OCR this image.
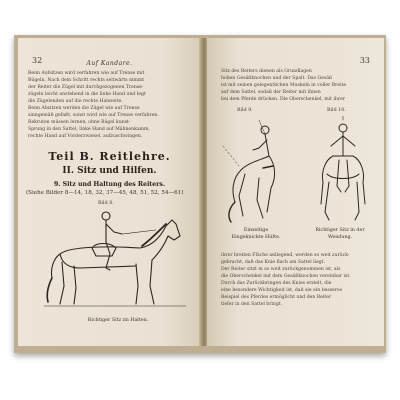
32	Auf Kandare.
Beim Aufsitzen wird verfahren wie auf Trense mit
Bügeln. Nach dem Schritt rechts seitwärts nimmt
der Reiter die Zügel mit durchgezogenen Trense-
zügeln leicht anstehend in die linke Hand und legt
die Zügelenden auf die rechte Halsseite.
Beim Absitzen werden die Zügel wie auf Trense
sinngemäß gefaßt, sonst wird wie auf Trense verfahren.
Rekruten müssen lernen, ohne Bügel kunst-
Sprung in den Sattel, linke Hand auf Mähnenkamm,
rechte Hand auf Vorderzwiesel, aufzuschwingen.
Teil B. Reitlehre.
II. Sitz und Hilfen.
9. Sitz und Haltung des Reiters.
(Siehe Bilder 8—14, 18, 32, 37—45, 48, 51, 52, 54—61)
Bild 8.
Richtiger Sitz im Halten.
33
Sitz des Reiters dienen als Grundlagen
hohen Gesäßknochen und der Spalt. Das Gesäß
ist mit seinen gelegentlichen Muskeln in voller Breite
auf dem Sattel, sodaß der Reiter mit ihnen
bei dem Pferde drücken. Die Oberschenkel, mit ihrer
Bild 9.	Bild 10.
Einseitige
Eingeknickte Hüfte.
Richtiger Sitz in der
Wendung.
ihrer breiten Fläche anliegend, werden so weit zurück-
gebracht, daß das Knie flach am Sattel liegt.
Der Reiter sitzt in so weit zurückgenommen ist, als
die Oberschenkel mit dem Gesäßknochen vereinbar ist.
Durch das Zurückbringen des Knies erzielt, die
eine besondere Wichtigkeit ist, daß sie ein besseres
Beispiel des Pferdes ermöglicht und den Reiter
tiefer in den Sattel bringt.
